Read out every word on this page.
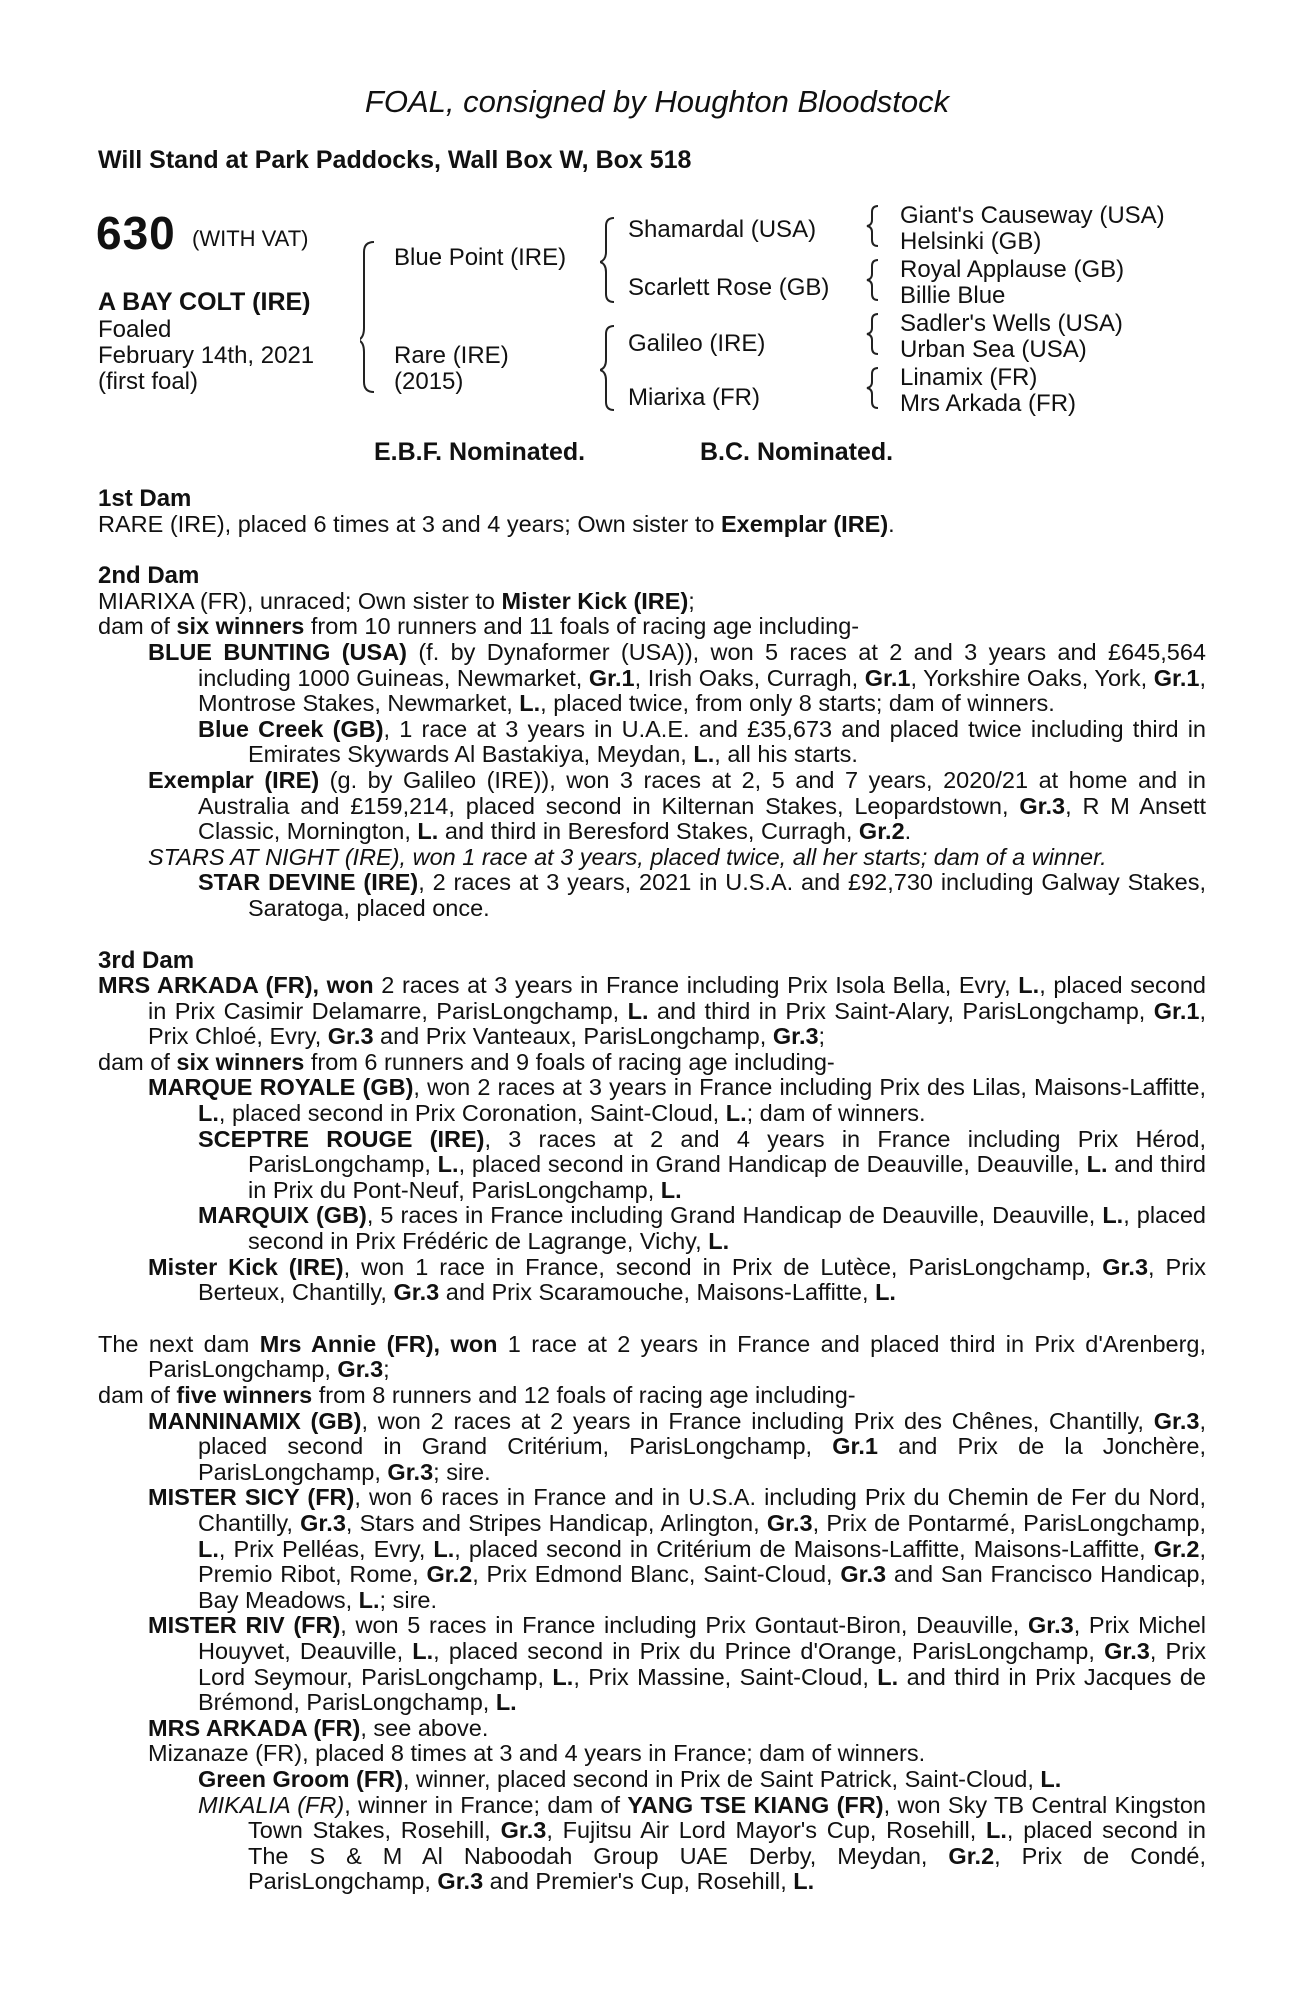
FOAL, consigned by Houghton Bloodstock
Will Stand at Park Paddocks, Wall Box W, Box 518
630 (WITH VAT)
A BAY COLT (IRE)
Foaled
February 14th, 2021
(first foal)
Blue Point (IRE)
Rare (IRE)
(2015)
Shamardal (USA)
Scarlett Rose (GB)
Galileo (IRE)
Miarixa (FR)
Giant's Causeway (USA)
Helsinki (GB)
Royal Applause (GB)
Billie Blue
Sadler's Wells (USA)
Urban Sea (USA)
Linamix (FR)
Mrs Arkada (FR)
E.B.F. Nominated.	B.C. Nominated.
1st Dam

RARE (IRE), placed 6 times at 3 and 4 years; Own sister to Exemplar (IRE).

2nd Dam

MIARIXA (FR), unraced; Own sister to Mister Kick (IRE);

dam of six winners from 10 runners and 11 foals of racing age including-

BLUE BUNTING (USA) (f. by Dynaformer (USA)), won 5 races at 2 and 3 years and £645,564 including 1000 Guineas, Newmarket, Gr.1, Irish Oaks, Curragh, Gr.1, Yorkshire Oaks, York, Gr.1, Montrose Stakes, Newmarket, L., placed twice, from only 8 starts; dam of winners.

Blue Creek (GB), 1 race at 3 years in U.A.E. and £35,673 and placed twice including third in Emirates Skywards Al Bastakiya, Meydan, L., all his starts.

Exemplar (IRE) (g. by Galileo (IRE)), won 3 races at 2, 5 and 7 years, 2020/21 at home and in Australia and £159,214, placed second in Kilternan Stakes, Leopardstown, Gr.3, R M Ansett Classic, Mornington, L. and third in Beresford Stakes, Curragh, Gr.2.

STARS AT NIGHT (IRE), won 1 race at 3 years, placed twice, all her starts; dam of a winner.

STAR DEVINE (IRE), 2 races at 3 years, 2021 in U.S.A. and £92,730 including Galway Stakes, Saratoga, placed once.

3rd Dam

MRS ARKADA (FR), won 2 races at 3 years in France including Prix Isola Bella, Evry, L., placed second in Prix Casimir Delamarre, ParisLongchamp, L. and third in Prix Saint-Alary, ParisLongchamp, Gr.1, Prix Chloé, Evry, Gr.3 and Prix Vanteaux, ParisLongchamp, Gr.3;

dam of six winners from 6 runners and 9 foals of racing age including-

MARQUE ROYALE (GB), won 2 races at 3 years in France including Prix des Lilas, Maisons-Laffitte, L., placed second in Prix Coronation, Saint-Cloud, L.; dam of winners.

SCEPTRE ROUGE (IRE), 3 races at 2 and 4 years in France including Prix Hérod, ParisLongchamp, L., placed second in Grand Handicap de Deauville, Deauville, L. and third in Prix du Pont-Neuf, ParisLongchamp, L.

MARQUIX (GB), 5 races in France including Grand Handicap de Deauville, Deauville, L., placed second in Prix Frédéric de Lagrange, Vichy, L.

Mister Kick (IRE), won 1 race in France, second in Prix de Lutèce, ParisLongchamp, Gr.3, Prix Berteux, Chantilly, Gr.3 and Prix Scaramouche, Maisons-Laffitte, L.

The next dam Mrs Annie (FR), won 1 race at 2 years in France and placed third in Prix d'Arenberg, ParisLongchamp, Gr.3;

dam of five winners from 8 runners and 12 foals of racing age including-

MANNINAMIX (GB), won 2 races at 2 years in France including Prix des Chênes, Chantilly, Gr.3, placed second in Grand Critérium, ParisLongchamp, Gr.1 and Prix de la Jonchère, ParisLongchamp, Gr.3; sire.

MISTER SICY (FR), won 6 races in France and in U.S.A. including Prix du Chemin de Fer du Nord, Chantilly, Gr.3, Stars and Stripes Handicap, Arlington, Gr.3, Prix de Pontarmé, ParisLongchamp, L., Prix Pelléas, Evry, L., placed second in Critérium de Maisons-Laffitte, Maisons-Laffitte, Gr.2, Premio Ribot, Rome, Gr.2, Prix Edmond Blanc, Saint-Cloud, Gr.3 and San Francisco Handicap, Bay Meadows, L.; sire.

MISTER RIV (FR), won 5 races in France including Prix Gontaut-Biron, Deauville, Gr.3, Prix Michel Houyvet, Deauville, L., placed second in Prix du Prince d'Orange, ParisLongchamp, Gr.3, Prix Lord Seymour, ParisLongchamp, L., Prix Massine, Saint-Cloud, L. and third in Prix Jacques de Brémond, ParisLongchamp, L.

MRS ARKADA (FR), see above.

Mizanaze (FR), placed 8 times at 3 and 4 years in France; dam of winners.

Green Groom (FR), winner, placed second in Prix de Saint Patrick, Saint-Cloud, L.

MIKALIA (FR), winner in France; dam of YANG TSE KIANG (FR), won Sky TB Central Kingston Town Stakes, Rosehill, Gr.3, Fujitsu Air Lord Mayor's Cup, Rosehill, L., placed second in The S & M Al Naboodah Group UAE Derby, Meydan, Gr.2, Prix de Condé, ParisLongchamp, Gr.3 and Premier's Cup, Rosehill, L.
